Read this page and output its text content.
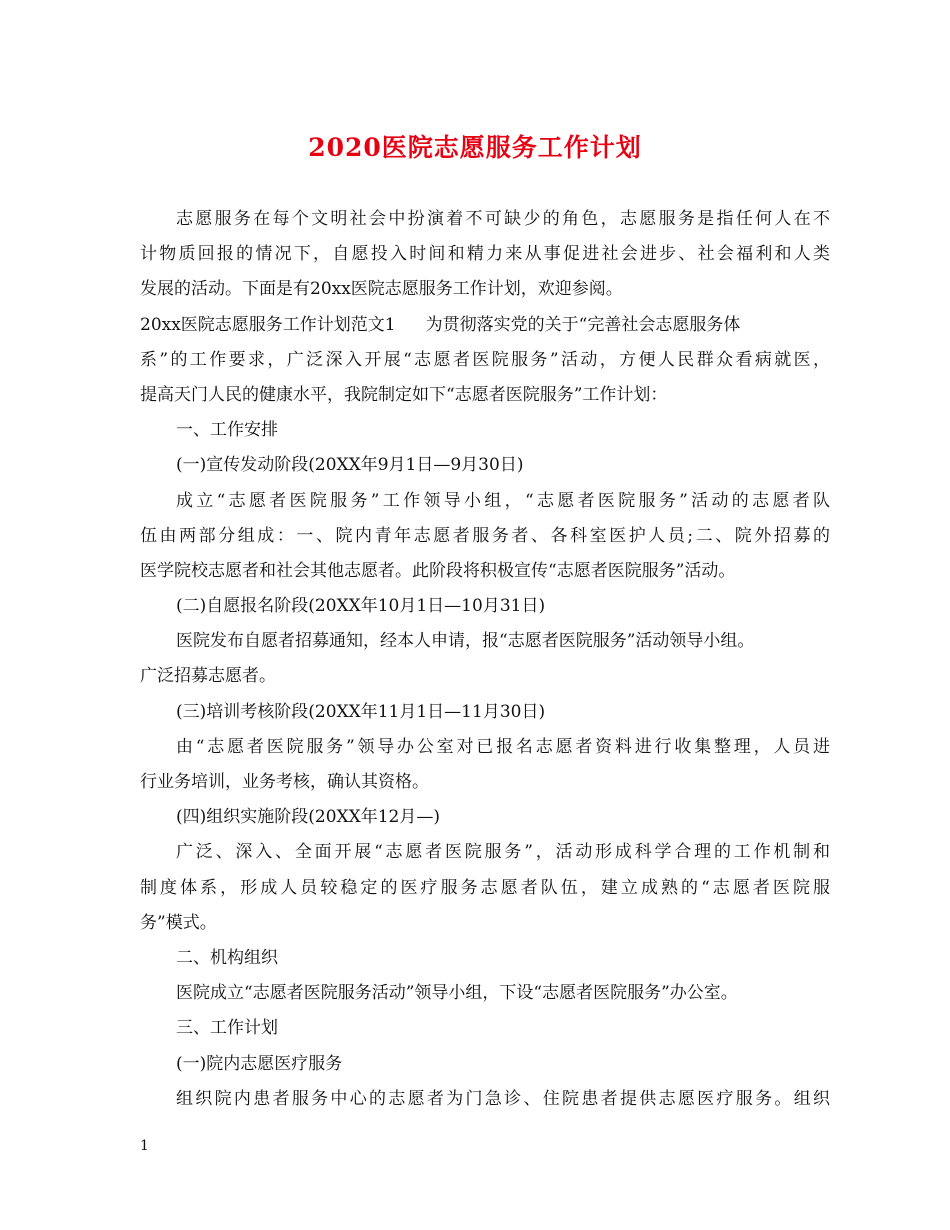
2020医院志愿服务工作计划
志愿服务在每个文明社会中扮演着不可缺少的角色，志愿服务是指任何人在不
计物质回报的情况下，自愿投入时间和精力来从事促进社会进步、社会福利和人类
发展的活动。下面是有20xx医院志愿服务工作计划，欢迎参阅。
20xx医院志愿服务工作计划范文1 为贯彻落实党的关于“完善社会志愿服务体
系”的工作要求，广泛深入开展“志愿者医院服务”活动，方便人民群众看病就医，
提高天门人民的健康水平，我院制定如下“志愿者医院服务”工作计划：
一、工作安排
(一)宣传发动阶段(20XX年9月1日—9月30日)
成立“志愿者医院服务”工作领导小组，“志愿者医院服务”活动的志愿者队
伍由两部分组成：一、院内青年志愿者服务者、各科室医护人员;二、院外招募的
医学院校志愿者和社会其他志愿者。此阶段将积极宣传“志愿者医院服务”活动。
(二)自愿报名阶段(20XX年10月1日—10月31日)
医院发布自愿者招募通知，经本人申请，报“志愿者医院服务”活动领导小组。
广泛招募志愿者。
(三)培训考核阶段(20XX年11月1日—11月30日)
由“志愿者医院服务”领导办公室对已报名志愿者资料进行收集整理，人员进
行业务培训，业务考核，确认其资格。
(四)组织实施阶段(20XX年12月—)
广泛、深入、全面开展“志愿者医院服务”，活动形成科学合理的工作机制和
制度体系，形成人员较稳定的医疗服务志愿者队伍，建立成熟的“志愿者医院服
务”模式。
二、机构组织
医院成立“志愿者医院服务活动”领导小组，下设“志愿者医院服务”办公室。
三、工作计划
(一)院内志愿医疗服务
组织院内患者服务中心的志愿者为门急诊、住院患者提供志愿医疗服务。组织
1
